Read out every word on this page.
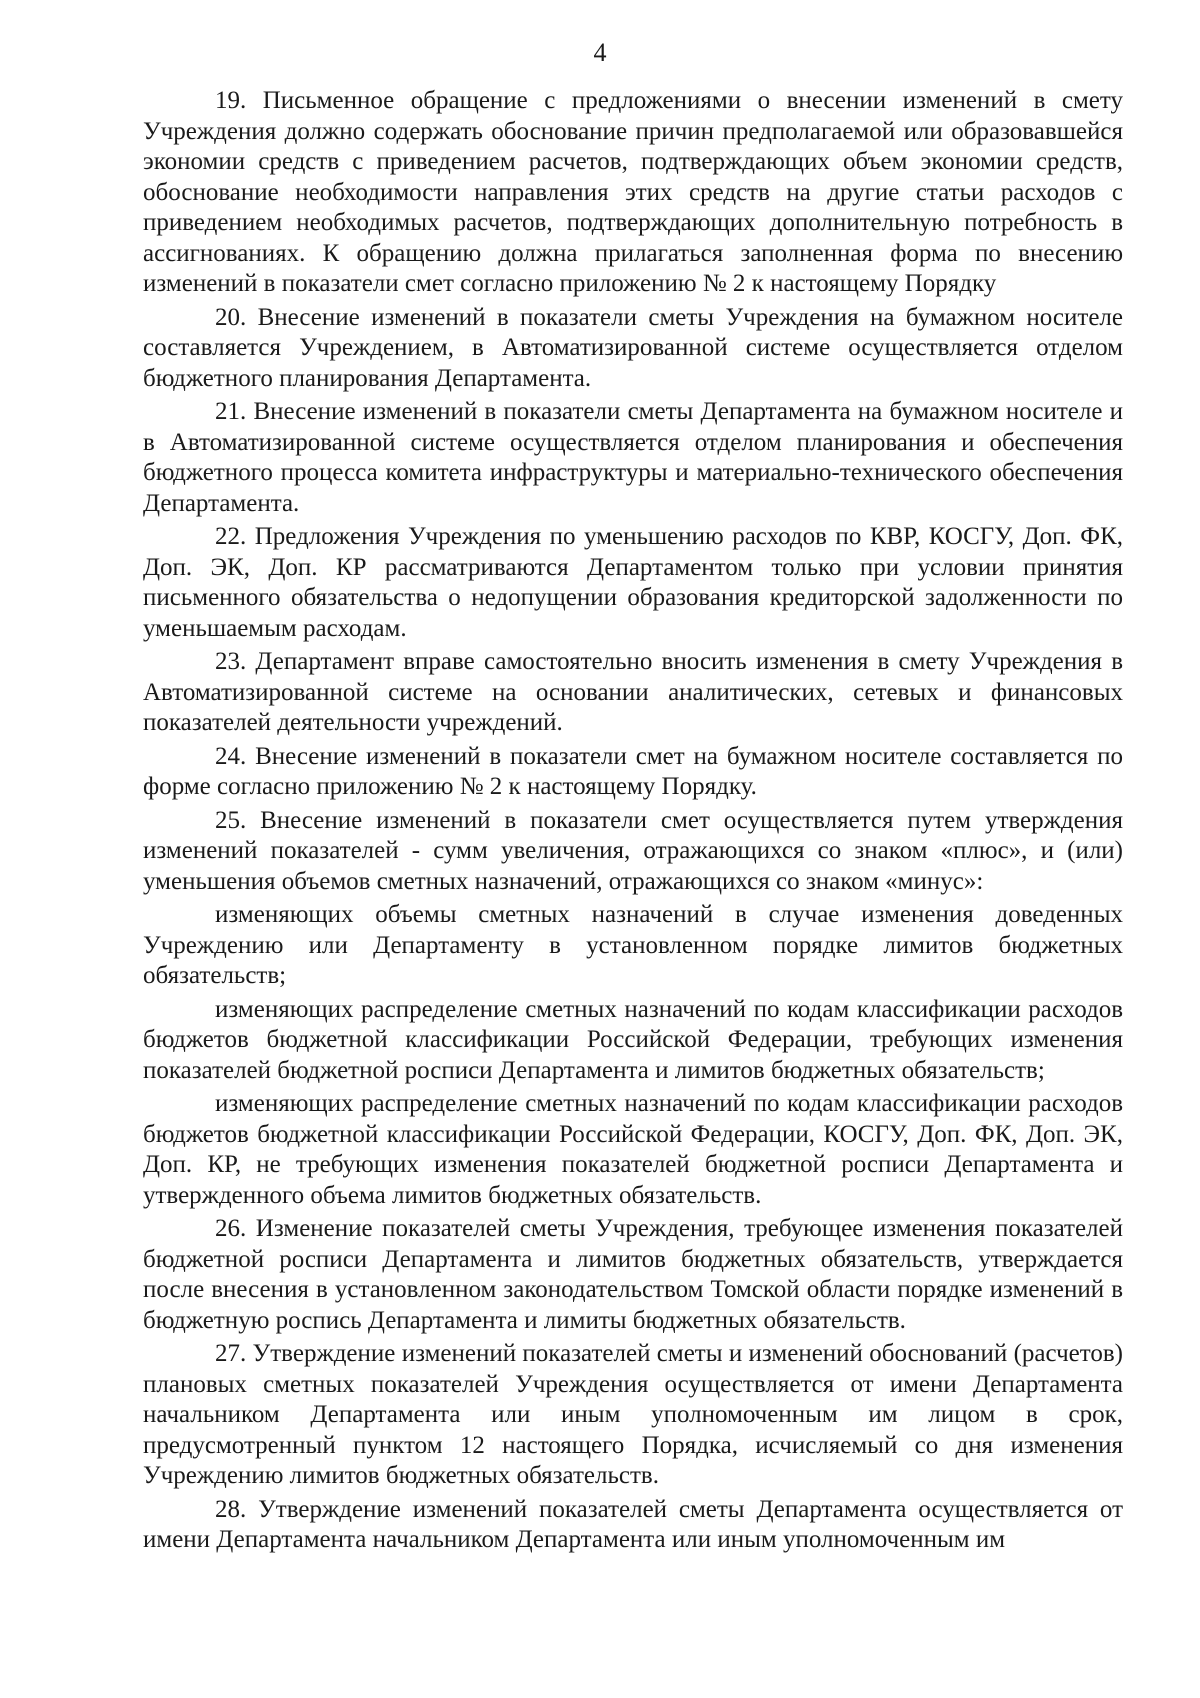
4

19. Письменное обращение с предложениями о внесении изменений в смету Учреждения должно содержать обоснование причин предполагаемой или образовавшейся экономии средств с приведением расчетов, подтверждающих объем экономии средств, обоснование необходимости направления этих средств на другие статьи расходов с приведением необходимых расчетов, подтверждающих дополнительную потребность в ассигнованиях. К обращению должна прилагаться заполненная форма по внесению изменений в показатели смет согласно приложению № 2 к настоящему Порядку

20. Внесение изменений в показатели сметы Учреждения на бумажном носителе составляется Учреждением, в Автоматизированной системе осуществляется отделом бюджетного планирования Департамента.

21. Внесение изменений в показатели сметы Департамента на бумажном носителе и в Автоматизированной системе осуществляется отделом планирования и обеспечения бюджетного процесса комитета инфраструктуры и материально-технического обеспечения Департамента.

22. Предложения Учреждения по уменьшению расходов по КВР, КОСГУ, Доп. ФК, Доп. ЭК, Доп. КР рассматриваются Департаментом только при условии принятия письменного обязательства о недопущении образования кредиторской задолженности по уменьшаемым расходам.

23. Департамент вправе самостоятельно вносить изменения в смету Учреждения в Автоматизированной системе на основании аналитических, сетевых и финансовых показателей деятельности учреждений.

24. Внесение изменений в показатели смет на бумажном носителе составляется по форме согласно приложению № 2 к настоящему Порядку.

25. Внесение изменений в показатели смет осуществляется путем утверждения изменений показателей - сумм увеличения, отражающихся со знаком «плюс», и (или) уменьшения объемов сметных назначений, отражающихся со знаком «минус»:

изменяющих объемы сметных назначений в случае изменения доведенных Учреждению или Департаменту в установленном порядке лимитов бюджетных обязательств;

изменяющих распределение сметных назначений по кодам классификации расходов бюджетов бюджетной классификации Российской Федерации, требующих изменения показателей бюджетной росписи Департамента и лимитов бюджетных обязательств;

изменяющих распределение сметных назначений по кодам классификации расходов бюджетов бюджетной классификации Российской Федерации, КОСГУ, Доп. ФК, Доп. ЭК, Доп. КР, не требующих изменения показателей бюджетной росписи Департамента и утвержденного объема лимитов бюджетных обязательств.

26. Изменение показателей сметы Учреждения, требующее изменения показателей бюджетной росписи Департамента и лимитов бюджетных обязательств, утверждается после внесения в установленном законодательством Томской области порядке изменений в бюджетную роспись Департамента и лимиты бюджетных обязательств.

27. Утверждение изменений показателей сметы и изменений обоснований (расчетов) плановых сметных показателей Учреждения осуществляется от имени Департамента начальником Департамента или иным уполномоченным им лицом в срок, предусмотренный пунктом 12 настоящего Порядка, исчисляемый со дня изменения Учреждению лимитов бюджетных обязательств.

28. Утверждение изменений показателей сметы Департамента осуществляется от имени Департамента начальником Департамента или иным уполномоченным им
